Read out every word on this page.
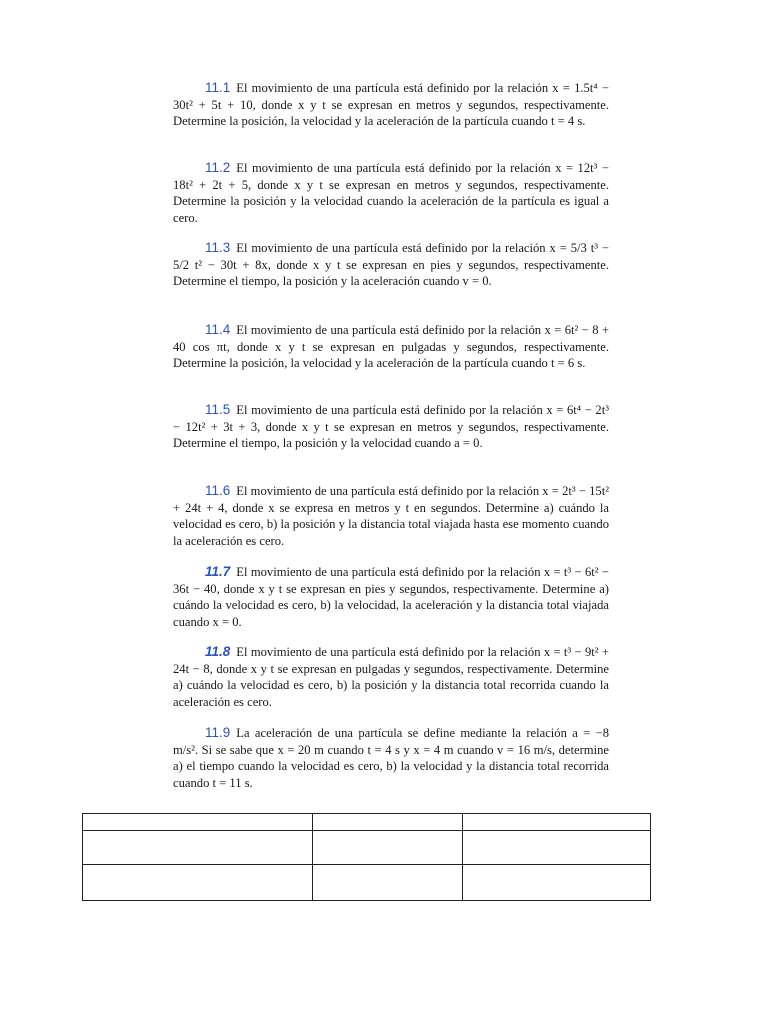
11.1 El movimiento de una partícula está definido por la relación x = 1.5t⁴ − 30t² + 5t + 10, donde x y t se expresan en metros y segundos, respectivamente. Determine la posición, la velocidad y la aceleración de la partícula cuando t = 4 s.

11.2 El movimiento de una partícula está definido por la relación x = 12t³ − 18t² + 2t + 5, donde x y t se expresan en metros y segundos, respectivamente. Determine la posición y la velocidad cuando la aceleración de la partícula es igual a cero.

11.3 El movimiento de una partícula está definido por la relación x = 5/3 t³ − 5/2 t² − 30t + 8x, donde x y t se expresan en pies y segundos, respectivamente. Determine el tiempo, la posición y la aceleración cuando v = 0.

11.4 El movimiento de una partícula está definido por la relación x = 6t² − 8 + 40 cos πt, donde x y t se expresan en pulgadas y segundos, respectivamente. Determine la posición, la velocidad y la aceleración de la partícula cuando t = 6 s.

11.5 El movimiento de una partícula está definido por la relación x = 6t⁴ − 2t³ − 12t² + 3t + 3, donde x y t se expresan en metros y segundos, respectivamente. Determine el tiempo, la posición y la velocidad cuando a = 0.

11.6 El movimiento de una partícula está definido por la relación x = 2t³ − 15t² + 24t + 4, donde x se expresa en metros y t en segundos. Determine a) cuándo la velocidad es cero, b) la posición y la distancia total viajada hasta ese momento cuando la aceleración es cero.

11.7 El movimiento de una partícula está definido por la relación x = t³ − 6t² − 36t − 40, donde x y t se expresan en pies y segundos, respectivamente. Determine a) cuándo la velocidad es cero, b) la velocidad, la aceleración y la distancia total viajada cuando x = 0.

11.8 El movimiento de una partícula está definido por la relación x = t³ − 9t² + 24t − 8, donde x y t se expresan en pulgadas y segundos, respectivamente. Determine a) cuándo la velocidad es cero, b) la posición y la distancia total recorrida cuando la aceleración es cero.

11.9 La aceleración de una partícula se define mediante la relación a = −8 m/s². Si se sabe que x = 20 m cuando t = 4 s y x = 4 m cuando v = 16 m/s, determine a) el tiempo cuando la velocidad es cero, b) la velocidad y la distancia total recorrida cuando t = 11 s.
